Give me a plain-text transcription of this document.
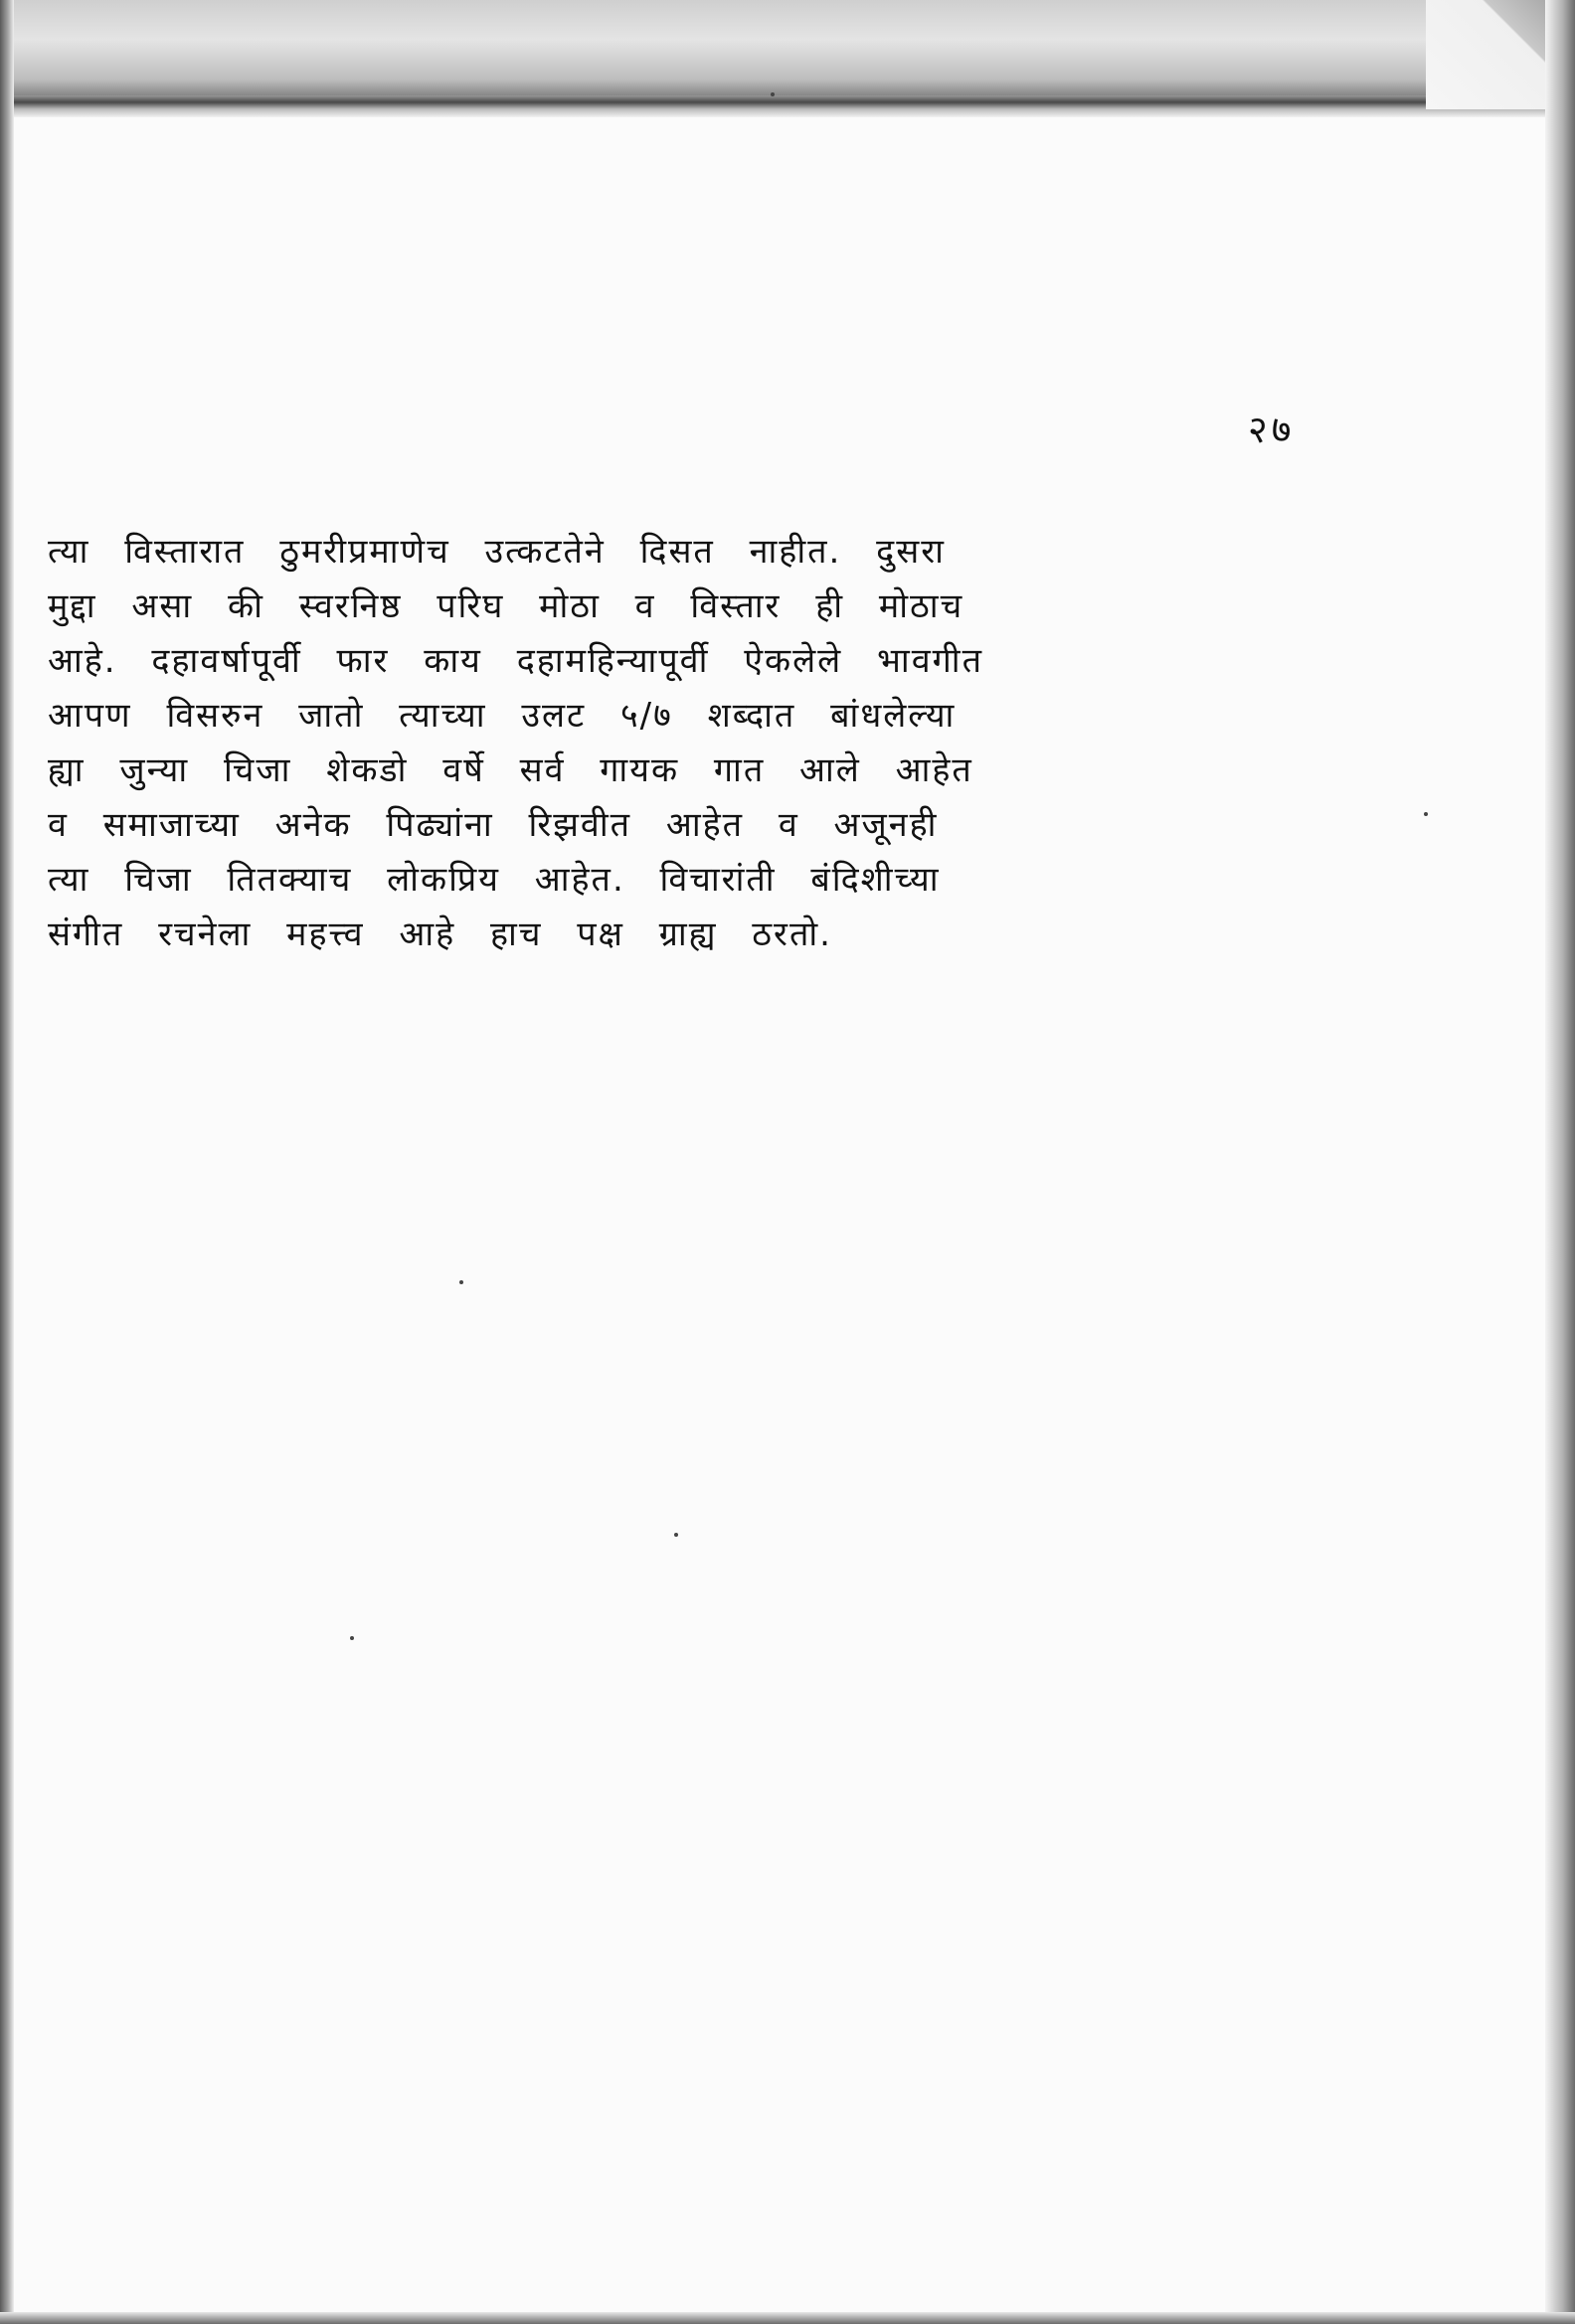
२७
त्या विस्तारात ठुमरीप्रमाणेच उत्कटतेने दिसत नाहीत. दुसरा
मुद्दा असा की स्वरनिष्ठ परिघ मोठा व विस्तार ही मोठाच
आहे. दहावर्षापूर्वी फार काय दहामहिन्यापूर्वी ऐकलेले भावगीत
आपण विसरुन जातो त्याच्या उलट ५/७ शब्दात बांधलेल्या
ह्या जुन्या चिजा शेकडो वर्षे सर्व गायक गात आले आहेत
व समाजाच्या अनेक पिढ्यांना रिझवीत आहेत व अजूनही
त्या चिजा तितक्याच लोकप्रिय आहेत. विचारांती बंदिशीच्या
संगीत रचनेला महत्त्व आहे हाच पक्ष ग्राह्य ठरतो.
